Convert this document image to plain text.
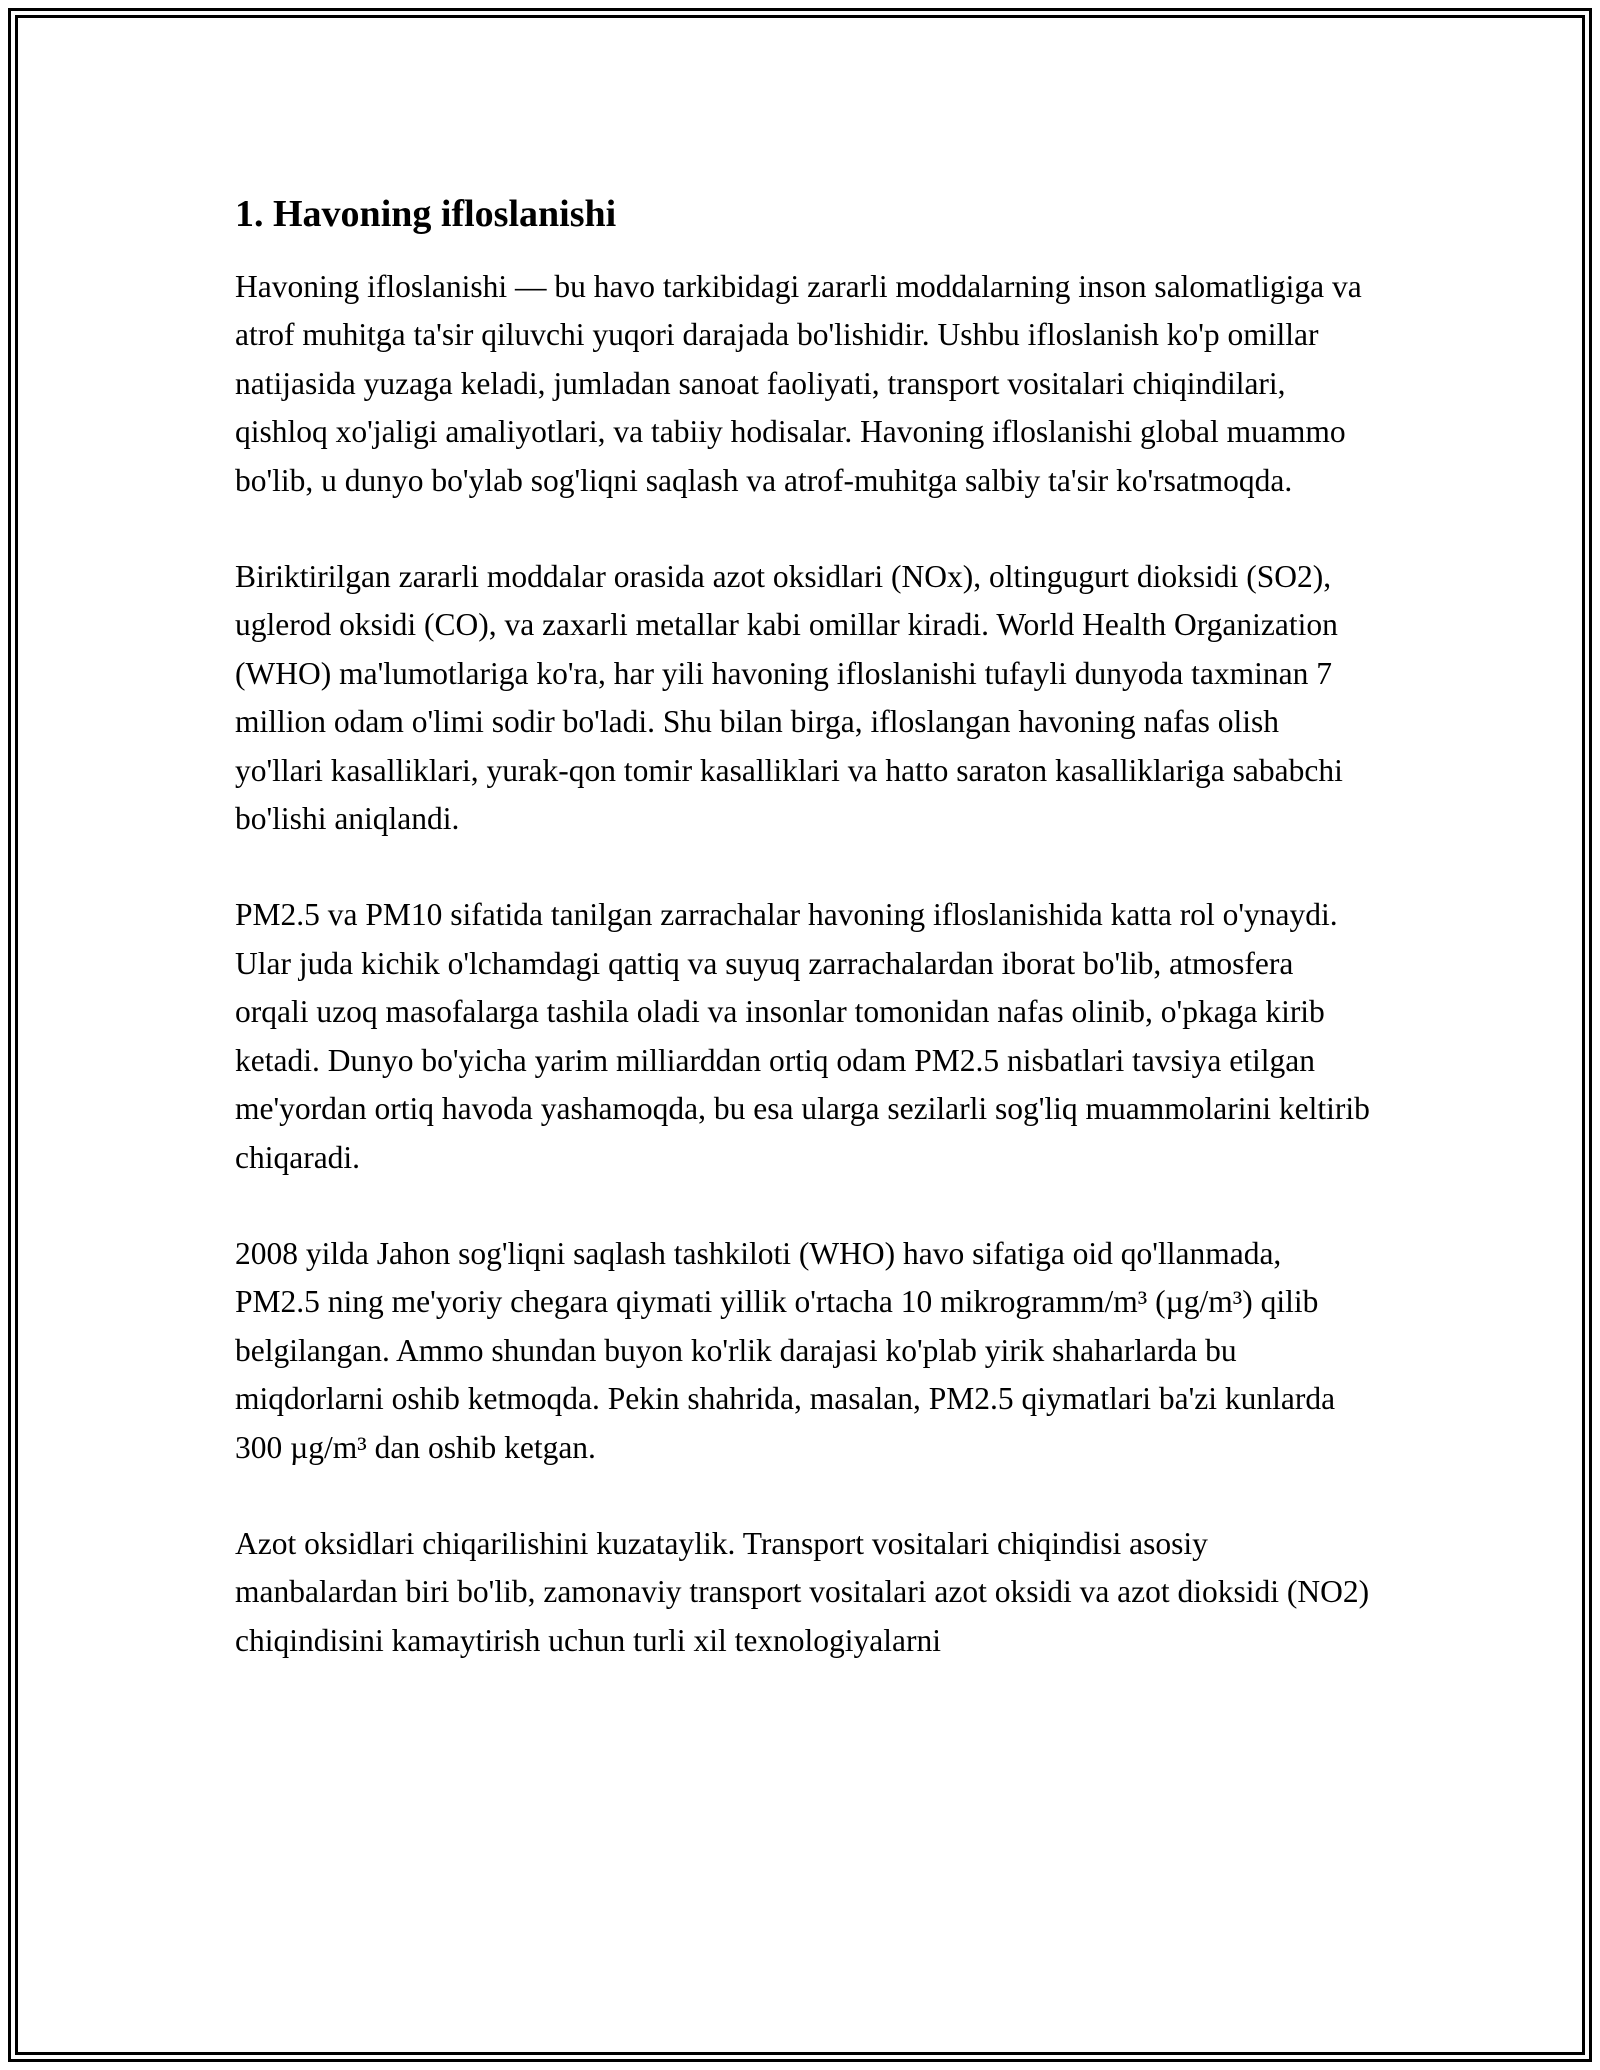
1. Havoning ifloslanishi

Havoning ifloslanishi — bu havo tarkibidagi zararli moddalarning inson salomatligiga va atrof muhitga ta'sir qiluvchi yuqori darajada bo'lishidir. Ushbu ifloslanish ko'p omillar natijasida yuzaga keladi, jumladan sanoat faoliyati, transport vositalari chiqindilari, qishloq xo'jaligi amaliyotlari, va tabiiy hodisalar. Havoning ifloslanishi global muammo bo'lib, u dunyo bo'ylab sog'liqni saqlash va atrof-muhitga salbiy ta'sir ko'rsatmoqda.

Biriktirilgan zararli moddalar orasida azot oksidlari (NOx), oltingugurt dioksidi (SO2), uglerod oksidi (CO), va zaxarli metallar kabi omillar kiradi. World Health Organization (WHO) ma'lumotlariga ko'ra, har yili havoning ifloslanishi tufayli dunyoda taxminan 7 million odam o'limi sodir bo'ladi. Shu bilan birga, ifloslangan havoning nafas olish yo'llari kasalliklari, yurak-qon tomir kasalliklari va hatto saraton kasalliklariga sababchi bo'lishi aniqlandi.

PM2.5 va PM10 sifatida tanilgan zarrachalar havoning ifloslanishida katta rol o'ynaydi. Ular juda kichik o'lchamdagi qattiq va suyuq zarrachalardan iborat bo'lib, atmosfera orqali uzoq masofalarga tashila oladi va insonlar tomonidan nafas olinib, o'pkaga kirib ketadi. Dunyo bo'yicha yarim milliarddan ortiq odam PM2.5 nisbatlari tavsiya etilgan me'yordan ortiq havoda yashamoqda, bu esa ularga sezilarli sog'liq muammolarini keltirib chiqaradi.

2008 yilda Jahon sog'liqni saqlash tashkiloti (WHO) havo sifatiga oid qo'llanmada, PM2.5 ning me'yoriy chegara qiymati yillik o'rtacha 10 mikrogramm/m³ (µg/m³) qilib belgilangan. Ammo shundan buyon ko'rlik darajasi ko'plab yirik shaharlarda bu miqdorlarni oshib ketmoqda. Pekin shahrida, masalan, PM2.5 qiymatlari ba'zi kunlarda 300 µg/m³ dan oshib ketgan.

Azot oksidlari chiqarilishini kuzataylik. Transport vositalari chiqindisi asosiy manbalardan biri bo'lib, zamonaviy transport vositalari azot oksidi va azot dioksidi (NO2) chiqindisini kamaytirish uchun turli xil texnologiyalarni
